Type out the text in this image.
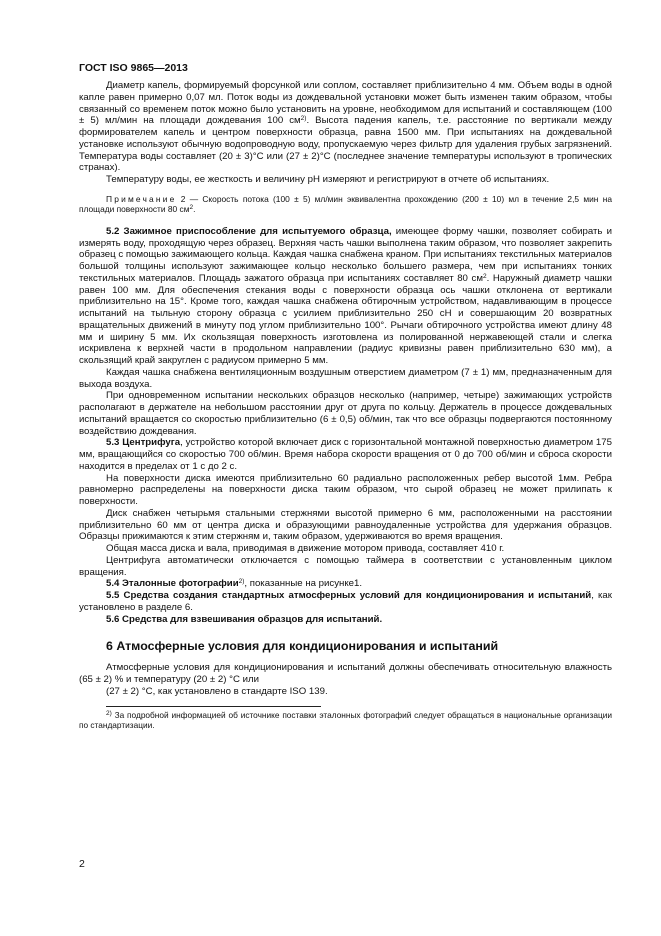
ГОСТ ISO 9865—2013

Диаметр капель, формируемый форсункой или соплом, составляет приблизительно 4 мм. Объем воды в одной капле равен примерно 0,07 мл. Поток воды из дождевальной установки может быть изменен таким образом, чтобы связанный со временем поток можно было установить на уровне, необходимом для испытаний и составляющем (100 ± 5) мл/мин на площади дождевания 100 $см^{2)}$. Высота падения капель, т.е. расстояние по вертикали между формирователем капель и центром поверхности образца, равна 1500 мм. При испытаниях на дождевальной установке используют обычную водопроводную воду, пропускаемую через фильтр для удаления грубых загрязнений. Температура воды составляет (20 ± 3)°С или (27 ± 2)°С (последнее значение температуры используют в тропических странах).

Температуру воды, ее жесткость и величину рН измеряют и регистрируют в отчете об испытаниях.

Примечание 2 — Скорость потока (100 ± 5) мл/мин эквивалентна прохождению (200 ± 10) мл в течение 2,5 мин на площади поверхности 80 $см^2$.

5.2 Зажимное приспособление для испытуемого образца, имеющее форму чашки, позволяет собирать и измерять воду, проходящую через образец. Верхняя часть чашки выполнена таким образом, что позволяет закрепить образец с помощью зажимающего кольца. Каждая чашка снабжена краном. При испытаниях текстильных материалов большой толщины используют зажимающее кольцо несколько большего размера, чем при испытаниях тонких текстильных материалов. Площадь зажатого образца при испытаниях составляет 80 $см^2$. Наружный диаметр чашки равен 100 мм. Для обеспечения стекания воды с поверхности образца ось чашки отклонена от вертикали приблизительно на 15°. Кроме того, каждая чашка снабжена обтирочным устройством, надавливающим в процессе испытаний на тыльную сторону образца с усилием приблизительно 250 сН и совершающим 20 возвратных вращательных движений в минуту под углом приблизительно 100°. Рычаги обтирочного устройства имеют длину 48 мм и ширину 5 мм. Их скользящая поверхность изготовлена из полированной нержавеющей стали и слегка искривлена к верхней части в продольном направлении (радиус кривизны равен приблизительно 630 мм), а скользящий край закруглен с радиусом примерно 5 мм.

Каждая чашка снабжена вентиляционным воздушным отверстием диаметром (7 ± 1) мм, предназначенным для выхода воздуха.

При одновременном испытании нескольких образцов несколько (например, четыре) зажимающих устройств располагают в держателе на небольшом расстоянии друг от друга по кольцу. Держатель в процессе дождевальных испытаний вращается со скоростью приблизительно (6 ± 0,5) об/мин, так что все образцы подвергаются постоянному воздействию дождевания.

5.3 Центрифуга, устройство которой включает диск с горизонтальной монтажной поверхностью диаметром 175 мм, вращающийся со скоростью 700 об/мин. Время набора скорости вращения от 0 до 700 об/мин и сброса скорости находится в пределах от 1 с до 2 с.

На поверхности диска имеются приблизительно 60 радиально расположенных ребер высотой 1мм. Ребра равномерно распределены на поверхности диска таким образом, что сырой образец не может прилипать к поверхности.

Диск снабжен четырьмя стальными стержнями высотой примерно 6 мм, расположенными на расстоянии приблизительно 60 мм от центра диска и образующими равноудаленные устройства для удержания образцов. Образцы прижимаются к этим стержням и, таким образом, удерживаются во время вращения.

Общая масса диска и вала, приводимая в движение мотором привода, составляет 410 г.

Центрифуга автоматически отключается с помощью таймера в соответствии с установленным циклом вращения.

5.4 Эталонные фотографии$^{2)}$, показанные на рисунке1.

5.5 Средства создания стандартных атмосферных условий для кондиционирования и испытаний, как установлено в разделе 6.

5.6 Средства для взвешивания образцов для испытаний.

6 Атмосферные условия для кондиционирования и испытаний

Атмосферные условия для кондиционирования и испытаний должны обеспечивать относительную влажность (65 ± 2) % и температуру (20 ± 2) °С или

(27 ± 2) °С, как установлено в стандарте ISO 139.

$^{2)}$ За подробной информацией об источнике поставки эталонных фотографий следует обращаться в национальные организации по стандартизации.

2
